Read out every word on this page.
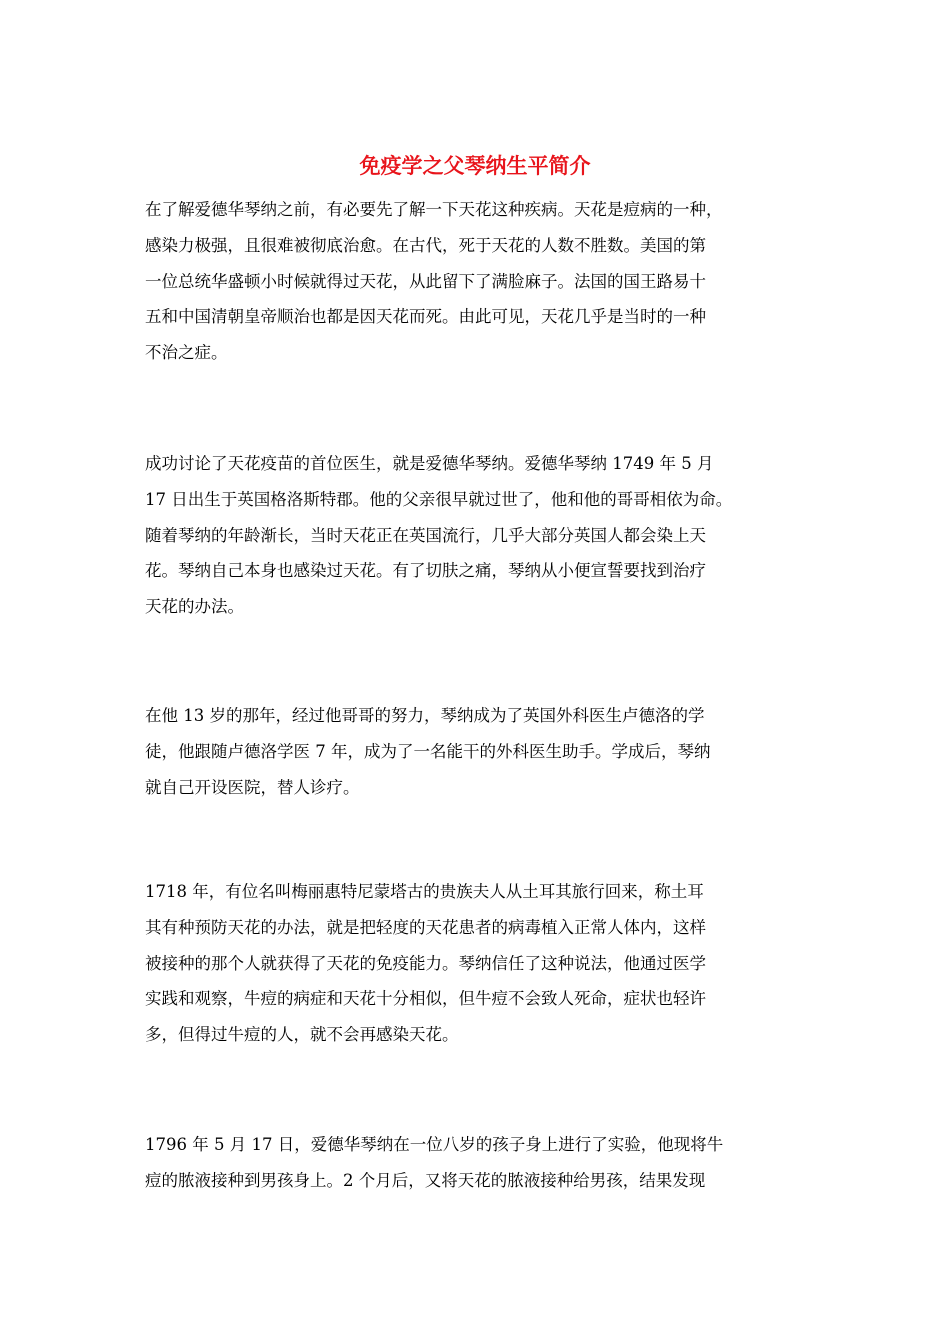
免疫学之父琴纳生平简介
在了解爱德华琴纳之前，有必要先了解一下天花这种疾病。天花是痘病的一种，
感染力极强，且很难被彻底治愈。在古代，死于天花的人数不胜数。美国的第
一位总统华盛顿小时候就得过天花，从此留下了满脸麻子。法国的国王路易十
五和中国清朝皇帝顺治也都是因天花而死。由此可见，天花几乎是当时的一种
不治之症。
成功讨论了天花疫苗的首位医生，就是爱德华琴纳。爱德华琴纳 1749 年 5 月
17 日出生于英国格洛斯特郡。他的父亲很早就过世了，他和他的哥哥相依为命。
随着琴纳的年龄渐长，当时天花正在英国流行，几乎大部分英国人都会染上天
花。琴纳自己本身也感染过天花。有了切肤之痛，琴纳从小便宣誓要找到治疗
天花的办法。
在他 13 岁的那年，经过他哥哥的努力，琴纳成为了英国外科医生卢德洛的学
徒，他跟随卢德洛学医 7 年，成为了一名能干的外科医生助手。学成后，琴纳
就自己开设医院，替人诊疗。
1718 年，有位名叫梅丽惠特尼蒙塔古的贵族夫人从土耳其旅行回来，称土耳
其有种预防天花的办法，就是把轻度的天花患者的病毒植入正常人体内，这样
被接种的那个人就获得了天花的免疫能力。琴纳信任了这种说法，他通过医学
实践和观察，牛痘的病症和天花十分相似，但牛痘不会致人死命，症状也轻许
多，但得过牛痘的人，就不会再感染天花。
1796 年 5 月 17 日，爱德华琴纳在一位八岁的孩子身上进行了实验，他现将牛
痘的脓液接种到男孩身上。2 个月后，又将天花的脓液接种给男孩，结果发现
